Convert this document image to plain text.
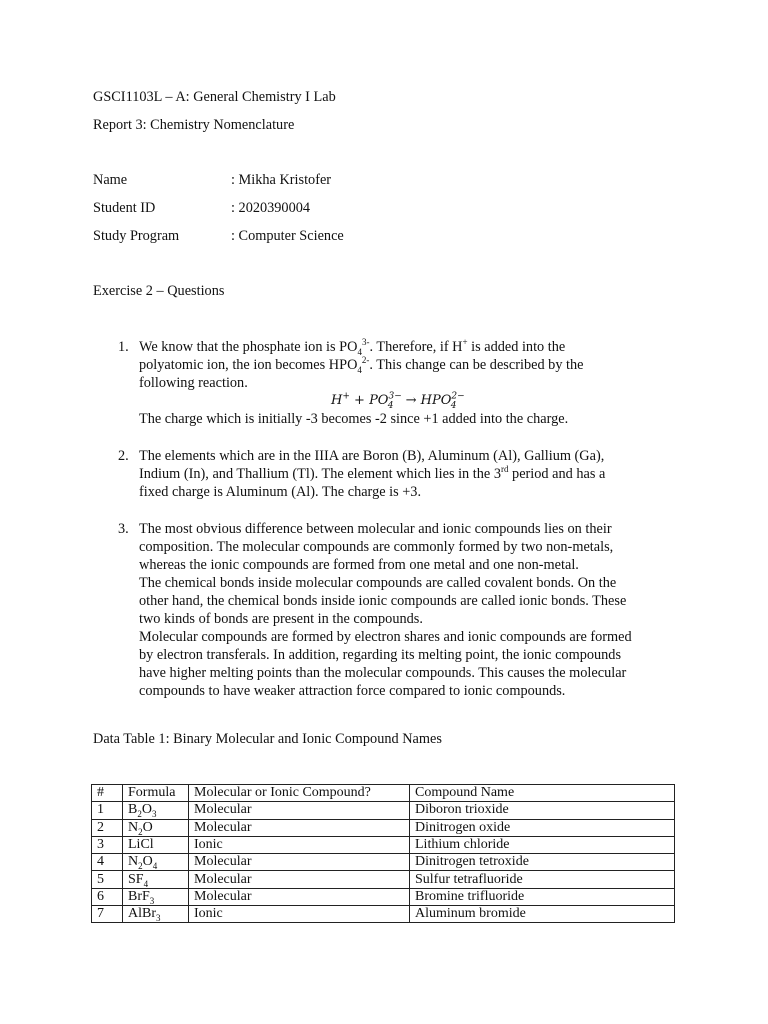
GSCI1103L – A: General Chemistry I Lab
Report 3: Chemistry Nomenclature
Name	: Mikha Kristofer
Student ID	: 2020390004
Study Program	: Computer Science
Exercise 2 – Questions
1. We know that the phosphate ion is $PO_4^{3-}$. Therefore, if H+ is added into the
polyatomic ion, the ion becomes $HPO_4^{2-}$. This change can be described by the
following reaction.
$H^+ + PO^{3-}_4 \to HPO^{2-}_4$
The charge which is initially -3 becomes -2 since +1 added into the charge.
2. The elements which are in the IIIA are Boron (B), Aluminum (Al), Gallium (Ga),
Indium (In), and Thallium (Tl). The element which lies in the 3rd period and has a
fixed charge is Aluminum (Al). The charge is +3.
3. The most obvious difference between molecular and ionic compounds lies on their
composition. The molecular compounds are commonly formed by two non-metals,
whereas the ionic compounds are formed from one metal and one non-metal.
The chemical bonds inside molecular compounds are called covalent bonds. On the
other hand, the chemical bonds inside ionic compounds are called ionic bonds. These
two kinds of bonds are present in the compounds.
Molecular compounds are formed by electron shares and ionic compounds are formed
by electron transferals. In addition, regarding its melting point, the ionic compounds
have higher melting points than the molecular compounds. This causes the molecular
compounds to have weaker attraction force compared to ionic compounds.
Data Table 1: Binary Molecular and Ionic Compound Names
#	Formula	Molecular or Ionic Compound?	Compound Name
1	$B_2O_3$	Molecular	Diboron trioxide
2	$N_2O$	Molecular	Dinitrogen oxide
3	LiCl	Ionic	Lithium chloride
4	$N_2O_4$	Molecular	Dinitrogen tetroxide
5	$SF_4$	Molecular	Sulfur tetrafluoride
6	BrF$_3$	Molecular	Bromine trifluoride
7	AlBr$_3$	Ionic	Aluminum bromide
